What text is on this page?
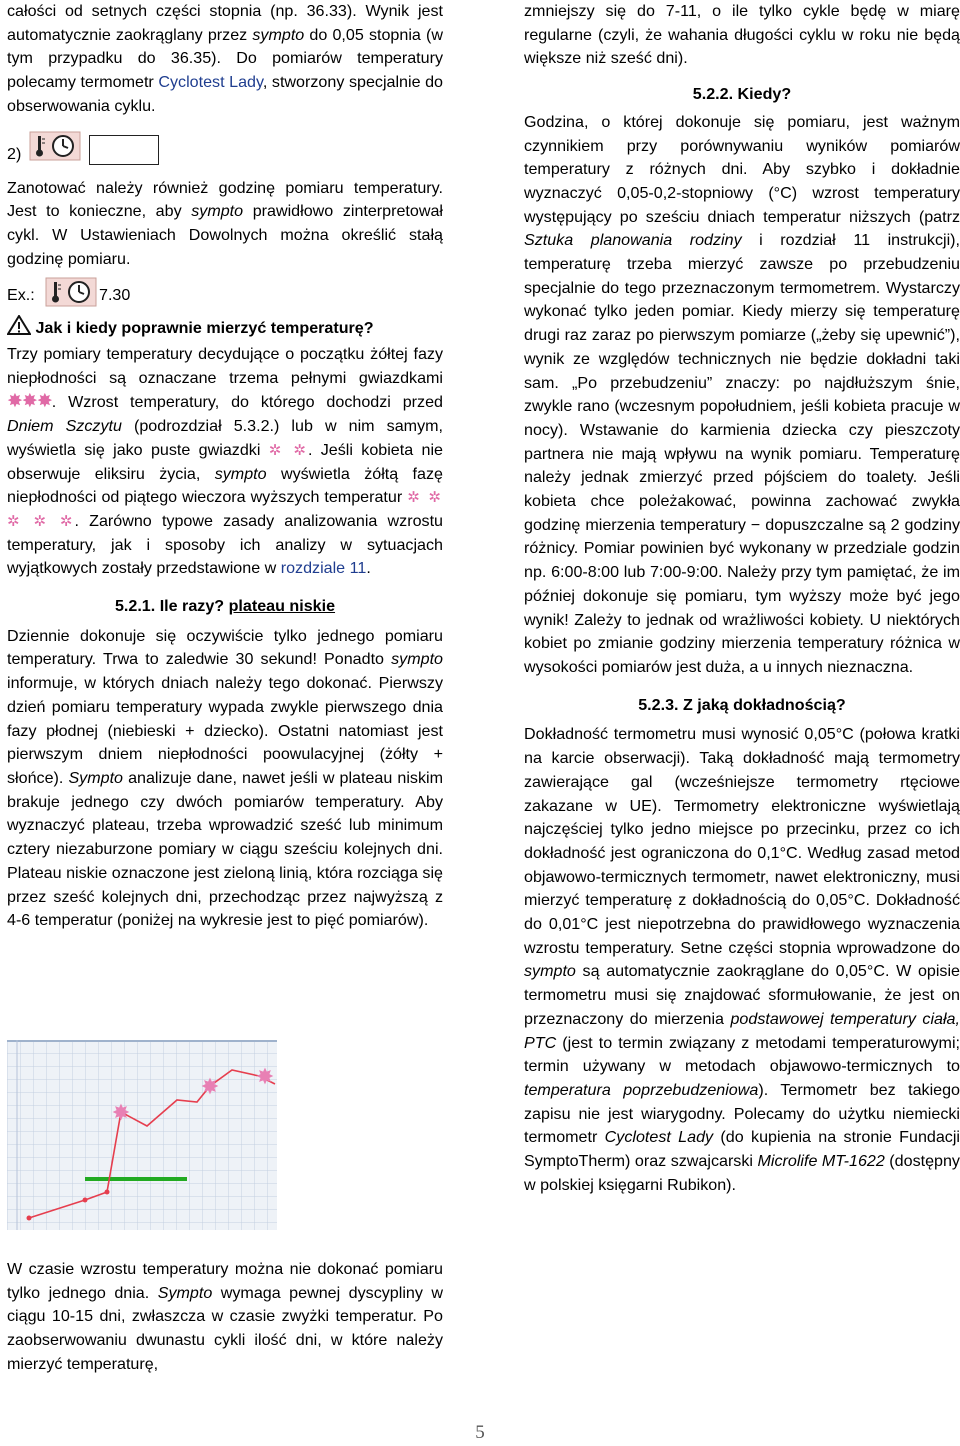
całości od setnych części stopnia (np. 36.33). Wynik jest automatycznie zaokrąglany przez sympto do 0,05 stopnia (w tym przypadku do 36.35). Do pomiarów temperatury polecamy termometr Cyclotest Lady, stworzony specjalnie do obserwowania cyklu.

2)

Zanotować należy również godzinę pomiaru temperatury. Jest to konieczne, aby sympto prawidłowo zinterpretował cykl. W Ustawieniach Dowolnych można określić stałą godzinę pomiaru.

Ex.:	7.30
Jak i kiedy poprawnie mierzyć temperaturę?

Trzy pomiary temperatury decydujące o początku żółtej fazy niepłodności są oznaczane trzema pełnymi gwiazdkami ✸✸✸. Wzrost temperatury, do którego dochodzi przed Dniem Szczytu (podrozdział 5.3.2.) lub w nim samym, wyświetla się jako puste gwiazdki ✲ ✲. Jeśli kobieta nie obserwuje eliksiru życia, sympto wyświetla żółtą fazę niepłodności od piątego wieczora wyższych temperatur ✲ ✲ ✲ ✲ ✲. Zarówno typowe zasady analizowania wzrostu temperatury, jak i sposoby ich analizy w sytuacjach wyjątkowych zostały przedstawione w rozdziale 11.

5.2.1. Ile razy? plateau niskie

Dziennie dokonuje się oczywiście tylko jednego pomiaru temperatury. Trwa to zaledwie 30 sekund! Ponadto sympto informuje, w których dniach należy tego dokonać. Pierwszy dzień pomiaru temperatury wypada zwykle pierwszego dnia fazy płodnej (niebieski + dziecko). Ostatni natomiast jest pierwszym dniem niepłodności poowulacyjnej (żółty + słońce). Sympto analizuje dane, nawet jeśli w plateau niskim brakuje jednego czy dwóch pomiarów temperatury. Aby wyznaczyć plateau, trzeba wprowadzić sześć lub minimum cztery niezaburzone pomiary w ciągu sześciu kolejnych dni. Plateau niskie oznaczone jest zieloną linią, która rozciąga się przez sześć kolejnych dni, przechodząc przez najwyższą z 4-6 temperatur (poniżej na wykresie jest to pięć pomiarów).

✸
✸ ✸

W czasie wzrostu temperatury można nie dokonać pomiaru tylko jednego dnia. Sympto wymaga pewnej dyscypliny w ciągu 10-15 dni, zwłaszcza w czasie zwyżki temperatur. Po zaobserwowaniu dwunastu cykli ilość dni, w które należy mierzyć temperaturę,

zmniejszy się do 7-11, o ile tylko cykle będę w miarę regularne (czyli, że wahania długości cyklu w roku nie będą większe niż sześć dni).

5.2.2. Kiedy?

Godzina, o której dokonuje się pomiaru, jest ważnym czynnikiem przy porównywaniu wyników pomiarów temperatury z różnych dni. Aby szybko i dokładnie wyznaczyć 0,05-0,2-stopniowy (°C) wzrost temperatury występujący po sześciu dniach temperatur niższych (patrz Sztuka planowania rodziny i rozdział 11 instrukcji), temperaturę trzeba mierzyć zawsze po przebudzeniu specjalnie do tego przeznaczonym termometrem. Wystarczy wykonać tylko jeden pomiar. Kiedy mierzy się temperaturę drugi raz zaraz po pierwszym pomiarze („żeby się upewnić”), wynik ze względów technicznych nie będzie dokładni taki sam. „Po przebudzeniu” znaczy: po najdłuższym śnie, zwykle rano (wczesnym popołudniem, jeśli kobieta pracuje w nocy). Wstawanie do karmienia dziecka czy pieszczoty partnera nie mają wpływu na wynik pomiaru. Temperaturę należy jednak zmierzyć przed pójściem do toalety. Jeśli kobieta chce poleżakować, powinna zachować zwykła godzinę mierzenia temperatury − dopuszczalne są 2 godziny różnicy. Pomiar powinien być wykonany w przedziale godzin np. 6:00-8:00 lub 7:00-9:00. Należy przy tym pamiętać, że im później dokonuje się pomiaru, tym wyższy może być jego wynik! Zależy to jednak od wrażliwości kobiety. U niektórych kobiet po zmianie godziny mierzenia temperatury różnica w wysokości pomiarów jest duża, a u innych nieznaczna.

5.2.3. Z jaką dokładnością?

Dokładność termometru musi wynosić 0,05°C (połowa kratki na karcie obserwacji). Taką dokładność mają termometry zawierające gal (wcześniejsze termometry rtęciowe zakazane w UE). Termometry elektroniczne wyświetlają najczęściej tylko jedno miejsce po przecinku, przez co ich dokładność jest ograniczona do 0,1°C. Według zasad metod objawowo-termicznych termometr, nawet elektroniczny, musi mierzyć temperaturę z dokładnością do 0,05°C. Dokładność do 0,01°C jest niepotrzebna do prawidłowego wyznaczenia wzrostu temperatury. Setne części stopnia wprowadzone do sympto są automatycznie zaokrąglane do 0,05°C. W opisie termometru musi się znajdować sformułowanie, że jest on przeznaczony do mierzenia podstawowej temperatury ciała, PTC (jest to termin związany z metodami temperaturowymi; termin używany w metodach objawowo-termicznych to temperatura poprzebudzeniowa). Termometr bez takiego zapisu nie jest wiarygodny. Polecamy do użytku niemiecki termometr Cyclotest Lady (do kupienia na stronie Fundacji SymptoTherm) oraz szwajcarski Microlife MT-1622 (dostępny w polskiej księgarni Rubikon).

5
